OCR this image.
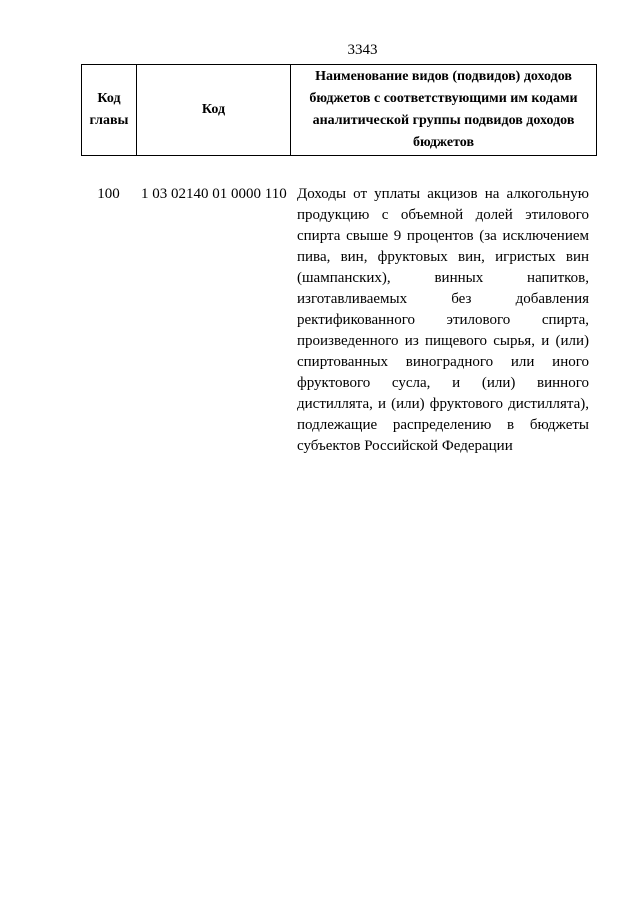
3343
Код главы	Код	Наименование видов (подвидов) доходов бюджетов с соответствующими им кодами аналитической группы подвидов доходов бюджетов
100	1 03 02140 01 0000 110 Доходы от уплаты акцизов на алкогольную
продукцию с объемной долей этилового
спирта свыше 9 процентов (за исключением
пива, вин, фруктовых вин, игристых вин
(шампанских), винных напитков,
изготавливаемых без добавления
ректификованного этилового спирта,
произведенного из пищевого сырья, и (или)
спиртованных виноградного или иного
фруктового сусла, и (или) винного
дистиллята, и (или) фруктового дистиллята),
подлежащие распределению в бюджеты
субъектов Российской Федерации
